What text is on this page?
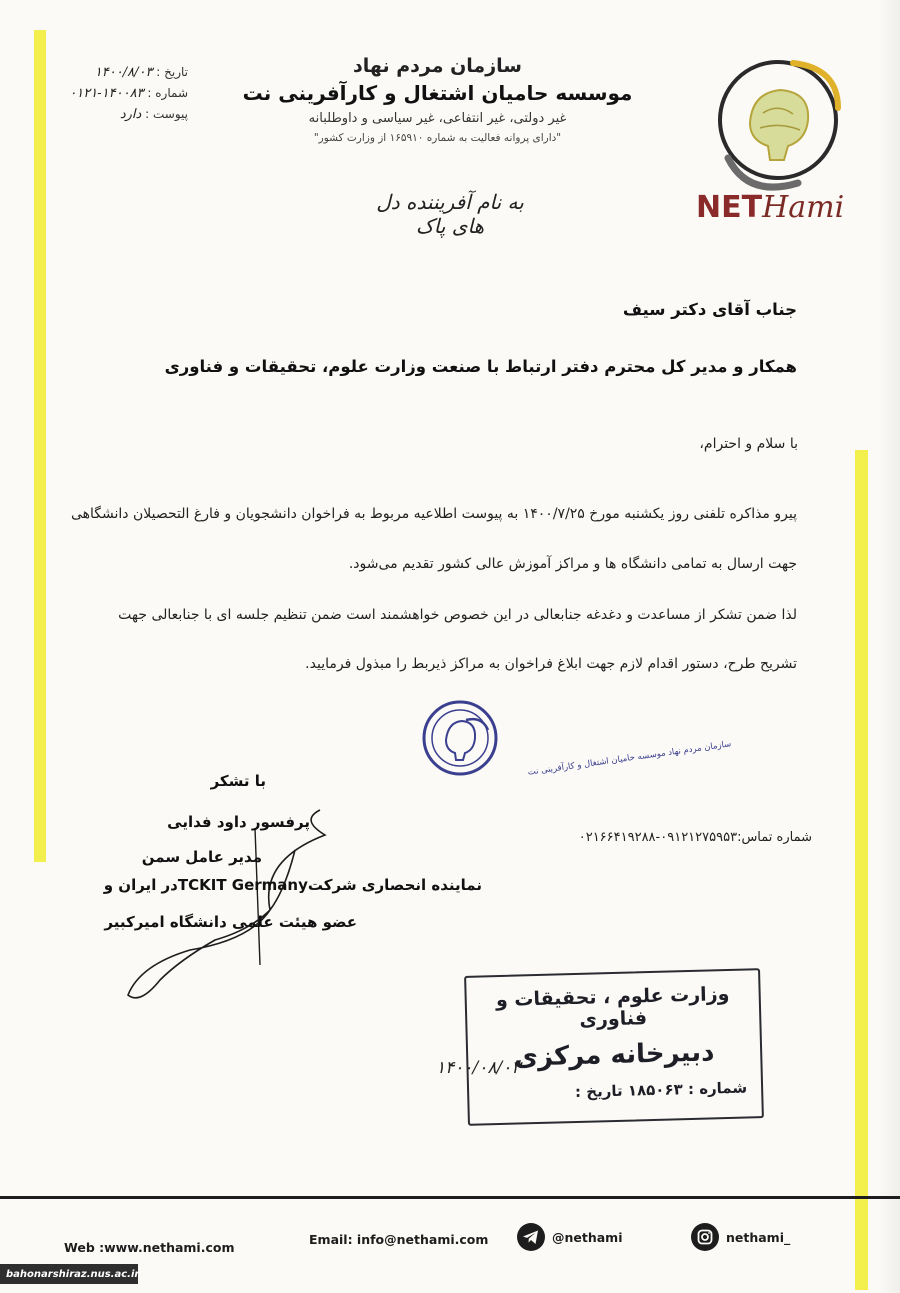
تاریخ : ۱۴۰۰/۸/۰۳
شماره : ۱۴۰۰۸۳-۰۱۲۱
پیوست : دارد
سازمان مردم نهاد
موسسه حامیان اشتغال و کارآفرینی نت
غیر دولتی، غیر انتفاعی، غیر سیاسی و داوطلبانه
"دارای پروانه فعالیت به شماره ۱۶۵۹۱۰ از وزارت کشور"
به نام آفریننده دل های پاک
NETHami
جناب آقای دکتر سیف
همکار و مدیر کل محترم دفتر ارتباط با صنعت وزارت علوم، تحقیقات و فناوری
با سلام و احترام،
پیرو مذاکره تلفنی روز یکشنبه مورخ ۱۴۰۰/۷/۲۵ به پیوست اطلاعیه مربوط به فراخوان دانشجویان و فارغ التحصیلان دانشگاهی
جهت ارسال به تمامی دانشگاه ها و مراکز آموزش عالی کشور تقدیم می‌شود.
لذا ضمن تشکر از مساعدت و دغدغه جنابعالی در این خصوص خواهشمند است ضمن تنظیم جلسه ای با جنابعالی جهت
تشریح طرح، دستور اقدام لازم جهت ابلاغ فراخوان به مراکز ذیربط را مبذول فرمایید.
سازمان مردم نهاد موسسه حامیان اشتغال و کارآفرینی نت
با تشکر
پرفسور داود فدایی
مدیر عامل سمن
نماینده انحصاری شرکتTCKIT Germanyدر ایران و
عضو هیئت علمی دانشگاه امیرکبیر
شماره تماس:۰۹۱۲۱۲۷۵۹۵۳-۰۲۱۶۶۴۱۹۲۸۸
وزارت علوم ، تحقیقات و فناوری
دبیرخانه مرکزی
شماره : ۱۸۵۰۶۳ تاریخ :
۱۴۰۰/۰۸/۰۳
Web :www.nethami.com
Email: info@nethami.com	@nethami	nethami_
bahonarshiraz.nus.ac.ir
